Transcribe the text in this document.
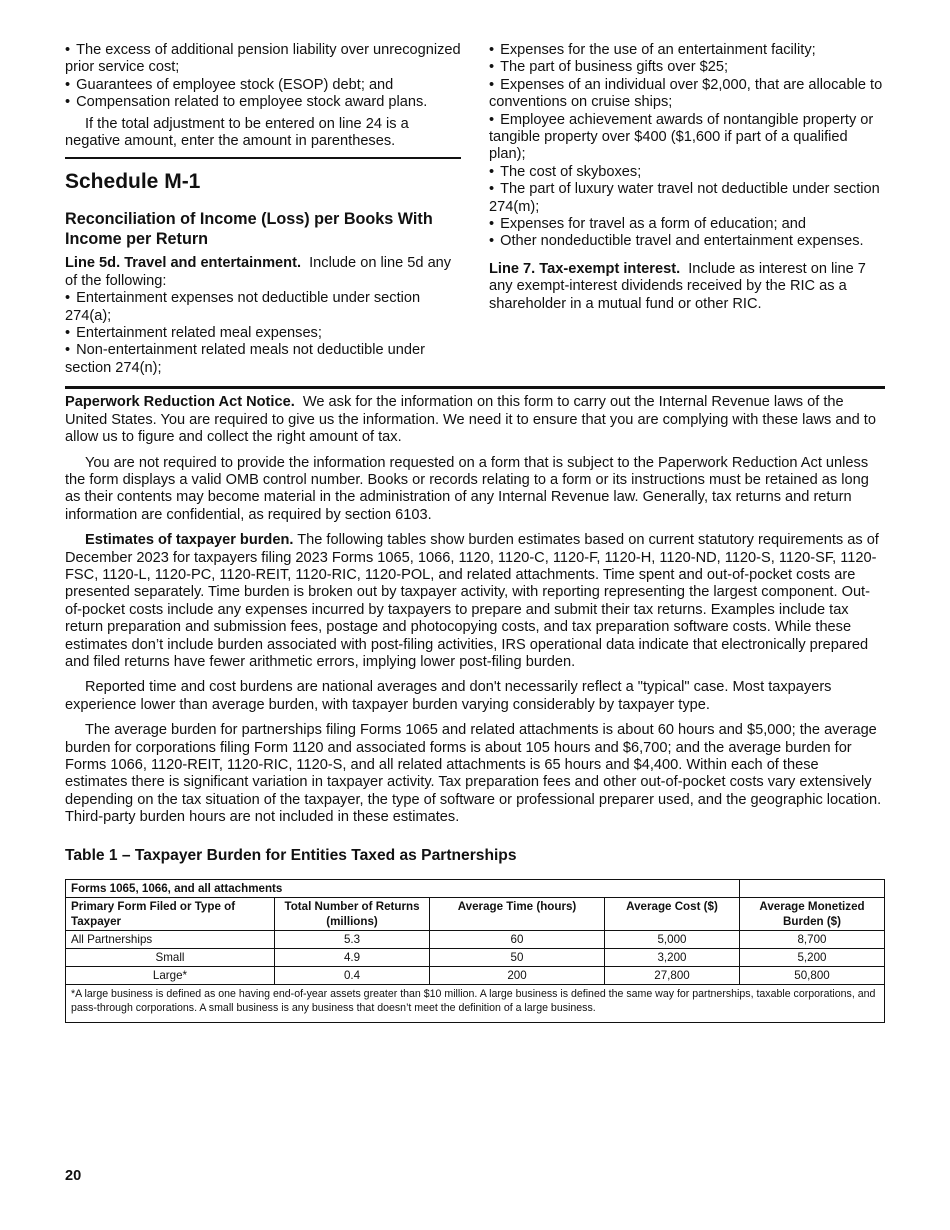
• The excess of additional pension liability over unrecognized prior service cost;

• Guarantees of employee stock (ESOP) debt; and

• Compensation related to employee stock award plans.

If the total adjustment to be entered on line 24 is a negative amount, enter the amount in parentheses.

Schedule M-1
Reconciliation of Income (Loss) per Books With Income per Return

Line 5d. Travel and entertainment. Include on line 5d any of the following:

• Entertainment expenses not deductible under section 274(a);

• Entertainment related meal expenses;

• Non-entertainment related meals not deductible under section 274(n);

• Expenses for the use of an entertainment facility;

• The part of business gifts over $25;

• Expenses of an individual over $2,000, that are allocable to conventions on cruise ships;

• Employee achievement awards of nontangible property or tangible property over $400 ($1,600 if part of a qualified plan);

• The cost of skyboxes;

• The part of luxury water travel not deductible under section 274(m);

• Expenses for travel as a form of education; and

• Other nondeductible travel and entertainment expenses.

Line 7. Tax-exempt interest. Include as interest on line 7 any exempt-interest dividends received by the RIC as a shareholder in a mutual fund or other RIC.

Paperwork Reduction Act Notice. We ask for the information on this form to carry out the Internal Revenue laws of the United States. You are required to give us the information. We need it to ensure that you are complying with these laws and to allow us to figure and collect the right amount of tax.

You are not required to provide the information requested on a form that is subject to the Paperwork Reduction Act unless the form displays a valid OMB control number. Books or records relating to a form or its instructions must be retained as long as their contents may become material in the administration of any Internal Revenue law. Generally, tax returns and return information are confidential, as required by section 6103.

Estimates of taxpayer burden. The following tables show burden estimates based on current statutory requirements as of December 2023 for taxpayers filing 2023 Forms 1065, 1066, 1120, 1120-C, 1120-F, 1120-H, 1120-ND, 1120-S, 1120-SF, 1120-FSC, 1120-L, 1120-PC, 1120-REIT, 1120-RIC, 1120-POL, and related attachments. Time spent and out-of-pocket costs are presented separately. Time burden is broken out by taxpayer activity, with reporting representing the largest component. Out-of-pocket costs include any expenses incurred by taxpayers to prepare and submit their tax returns. Examples include tax return preparation and submission fees, postage and photocopying costs, and tax preparation software costs. While these estimates don’t include burden associated with post-filing activities, IRS operational data indicate that electronically prepared and filed returns have fewer arithmetic errors, implying lower post-filing burden.

Reported time and cost burdens are national averages and don't necessarily reflect a "typical" case. Most taxpayers experience lower than average burden, with taxpayer burden varying considerably by taxpayer type.

The average burden for partnerships filing Forms 1065 and related attachments is about 60 hours and $5,000; the average burden for corporations filing Form 1120 and associated forms is about 105 hours and $6,700; and the average burden for Forms 1066, 1120-REIT, 1120-RIC, 1120-S, and all related attachments is 65 hours and $4,400. Within each of these estimates there is significant variation in taxpayer activity. Tax preparation fees and other out-of-pocket costs vary extensively depending on the tax situation of the taxpayer, the type of software or professional preparer used, and the geographic location. Third-party burden hours are not included in these estimates.

Table 1 – Taxpayer Burden for Entities Taxed as Partnerships
Forms 1065, 1066, and all attachments				
Primary Form Filed or Type of Taxpayer	Total Number of Returns (millions)	Average Time (hours)	Average Cost ($)	Average Monetized Burden ($)
All Partnerships	5.3	60	5,000	8,700
Small	4.9	50	3,200	5,200
Large*	0.4	200	27,800	50,800
*A large business is defined as one having end-of-year assets greater than $10 million. A large business is defined the same way for partnerships, taxable corporations, and pass-through corporations. A small business is any business that doesn’t meet the definition of a large business.				
20
